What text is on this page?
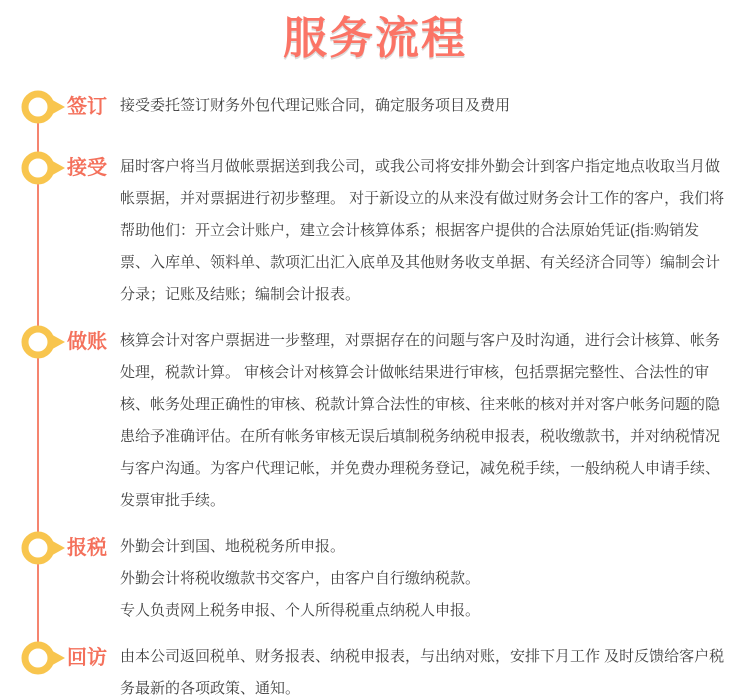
服务流程
签订 接受委托签订财务外包代理记账合同，确定服务项目及费用

接受 届时客户将当月做帐票据送到我公司，或我公司将安排外勤会计到客户指定地点收取当月做帐票据，并对票据进行初步整理。 对于新设立的从来没有做过财务会计工作的客户，我们将帮助他们：开立会计账户，建立会计核算体系；根据客户提供的合法原始凭证(指:购销发票、入库单、领料单、款项汇出汇入底单及其他财务收支单据、有关经济合同等）编制会计分录；记账及结账；编制会计报表。

做账 核算会计对客户票据进一步整理，对票据存在的问题与客户及时沟通，进行会计核算、帐务处理，税款计算。 审核会计对核算会计做帐结果进行审核，包括票据完整性、合法性的审核、帐务处理正确性的审核、税款计算合法性的审核、往来帐的核对并对客户帐务问题的隐患给予准确评估。在所有帐务审核无误后填制税务纳税申报表，税收缴款书，并对纳税情况与客户沟通。为客户代理记帐，并免费办理税务登记，减免税手续，一般纳税人申请手续、发票审批手续。

报税 外勤会计到国、地税税务所申报。

外勤会计将税收缴款书交客户，由客户自行缴纳税款。

专人负责网上税务申报、个人所得税重点纳税人申报。

回访 由本公司返回税单、财务报表、纳税申报表，与出纳对账，安排下月工作 及时反馈给客户税务最新的各项政策、通知。
